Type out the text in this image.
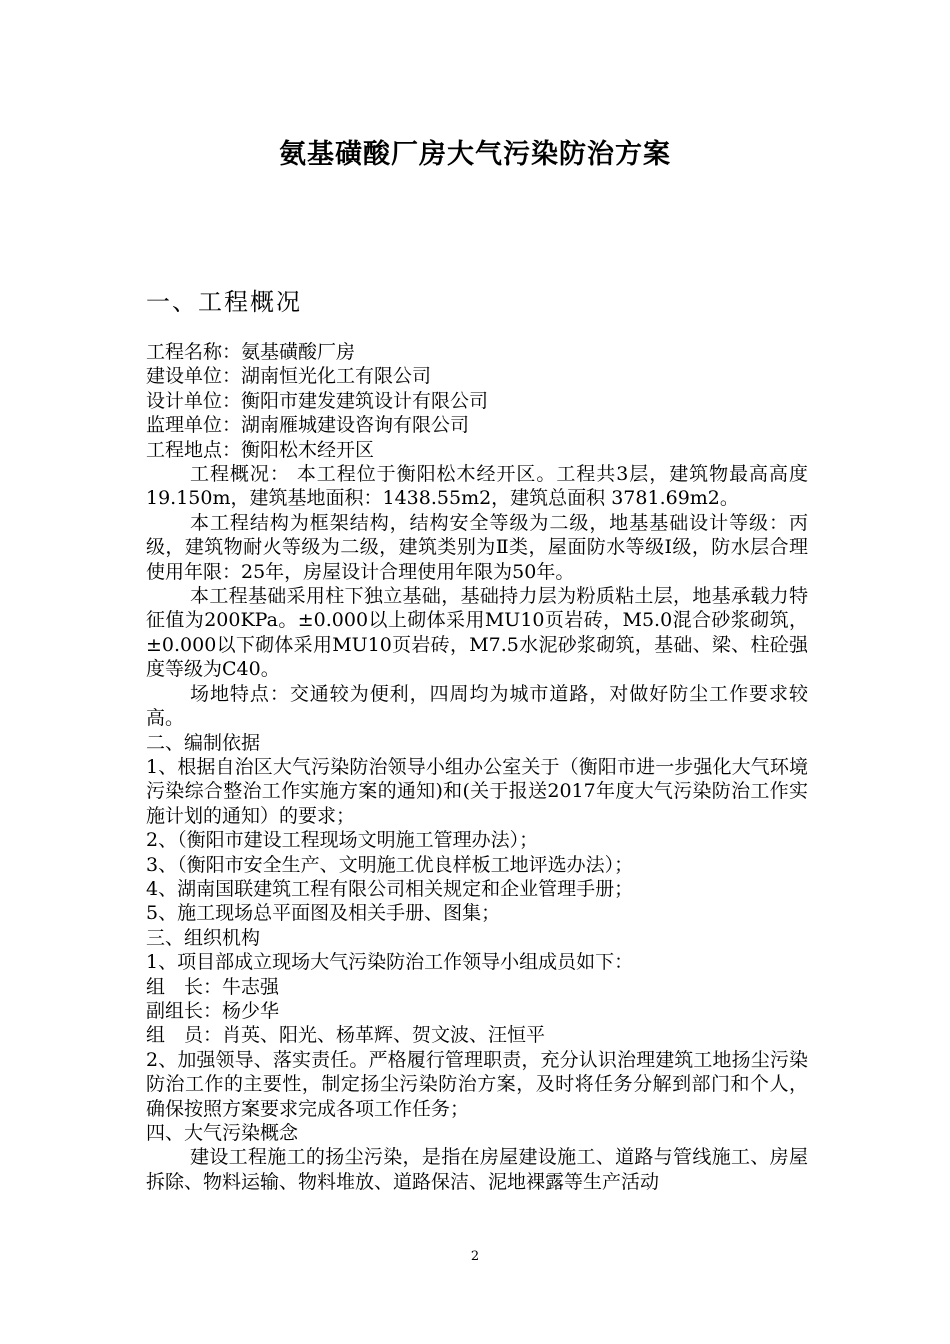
氨基磺酸厂房大气污染防治方案
一、工程概况

工程名称：氨基磺酸厂房

建设单位：湖南恒光化工有限公司

设计单位：衡阳市建发建筑设计有限公司

监理单位：湖南雁城建设咨询有限公司

工程地点：衡阳松木经开区

工程概况： 本工程位于衡阳松木经开区。工程共3层，建筑物最高高度19.150m，建筑基地面积：1438.55m2，建筑总面积 3781.69m2。

本工程结构为框架结构，结构安全等级为二级，地基基础设计等级：丙级，建筑物耐火等级为二级，建筑类别为Ⅱ类，屋面防水等级Ⅰ级，防水层合理使用年限：25年，房屋设计合理使用年限为50年。

本工程基础采用柱下独立基础，基础持力层为粉质粘土层，地基承载力特征值为200KPa。±0.000以上砌体采用MU10页岩砖，M5.0混合砂浆砌筑，±0.000以下砌体采用MU10页岩砖，M7.5水泥砂浆砌筑，基础、梁、柱砼强度等级为C40。

场地特点：交通较为便利，四周均为城市道路，对做好防尘工作要求较高。

二、编制依据

1、根据自治区大气污染防治领导小组办公室关于（衡阳市进一步强化大气环境污染综合整治工作实施方案的通知)和(关于报送2017年度大气污染防治工作实施计划的通知）的要求；

2、（衡阳市建设工程现场文明施工管理办法）；

3、（衡阳市安全生产、文明施工优良样板工地评选办法）；

4、湖南国联建筑工程有限公司相关规定和企业管理手册；

5、施工现场总平面图及相关手册、图集；

三、组织机构

1、项目部成立现场大气污染防治工作领导小组成员如下：

组　长：牛志强

副组长：杨少华

组　员：肖英、阳光、杨革辉、贺文波、汪恒平

2、加强领导、落实责任。严格履行管理职责，充分认识治理建筑工地扬尘污染防治工作的主要性，制定扬尘污染防治方案，及时将任务分解到部门和个人，确保按照方案要求完成各项工作任务；

四、大气污染概念

建设工程施工的扬尘污染，是指在房屋建设施工、道路与管线施工、房屋拆除、物料运输、物料堆放、道路保洁、泥地裸露等生产活动

2
